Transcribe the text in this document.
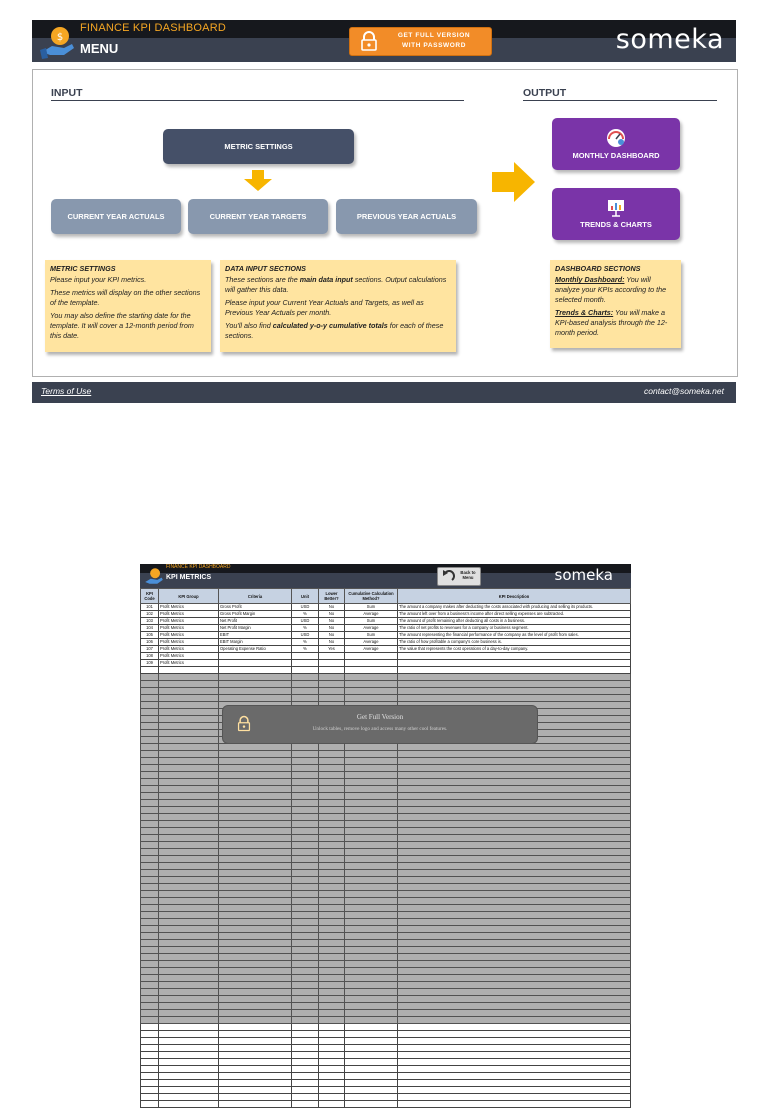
$
FINANCE KPI DASHBOARD
MENU	someka
GET FULL VERSION
WITH PASSWORD
INPUT	OUTPUT
METRIC SETTINGS
CURRENT YEAR ACTUALS	CURRENT YEAR TARGETS	PREVIOUS YEAR ACTUALS
MONTHLY DASHBOARD
TRENDS & CHARTS
METRIC SETTINGS

Please input your KPI metrics.

These metrics will display on the other sections of the template.

You may also define the starting date for the template. It will cover a 12-month period from this date.

DATA INPUT SECTIONS

These sections are the main data input sections. Output calculations will gather this data.

Please input your Current Year Actuals and Targets, as well as Previous Year Actuals per month.

You'll also find calculated y-o-y cumulative totals for each of these sections.

DASHBOARD SECTIONS

Monthly Dashboard: You will analyze your KPIs according to the selected month.

Trends & Charts: You will make a KPI-based analysis through the 12-month period.

Terms of Use	contact@someka.net
FINANCE KPI DASHBOARD
KPI METRICS	someka
Back to
Menu
KPI Code	KPI Group	Criteria	Unit	Lower Better?	Cumulative Calculation Method?	KPI Description
101	Profit Metrics	Gross Profit	USD	No	Sum	The amount a company makes after deducting the costs associated with producing and selling its products.
102	Profit Metrics	Gross Profit Margin	%	No	Average	The amount left over from a business's income after direct selling expenses are subtracted.
103	Profit Metrics	Net Profit	USD	No	Sum	The amount of profit remaining after deducting all costs in a business.
104	Profit Metrics	Net Profit Margin	%	No	Average	The ratio of net profits to revenues for a company or business segment.
105	Profit Metrics	EBIT	USD	No	Sum	The amount representing the financial performance of the company as the level of profit from sales.
106	Profit Metrics	EBIT Margin	%	No	Average	The ratio of how profitable a company's core business is.
107	Profit Metrics	Operating Expense Ratio	%	Yes	Average	The value that represents the cost operations of a day-to-day company.
108	Profit Metrics					
109	Profit Metrics					

Get Full Version
Unlock tables, remove logo and access many other cool features.
